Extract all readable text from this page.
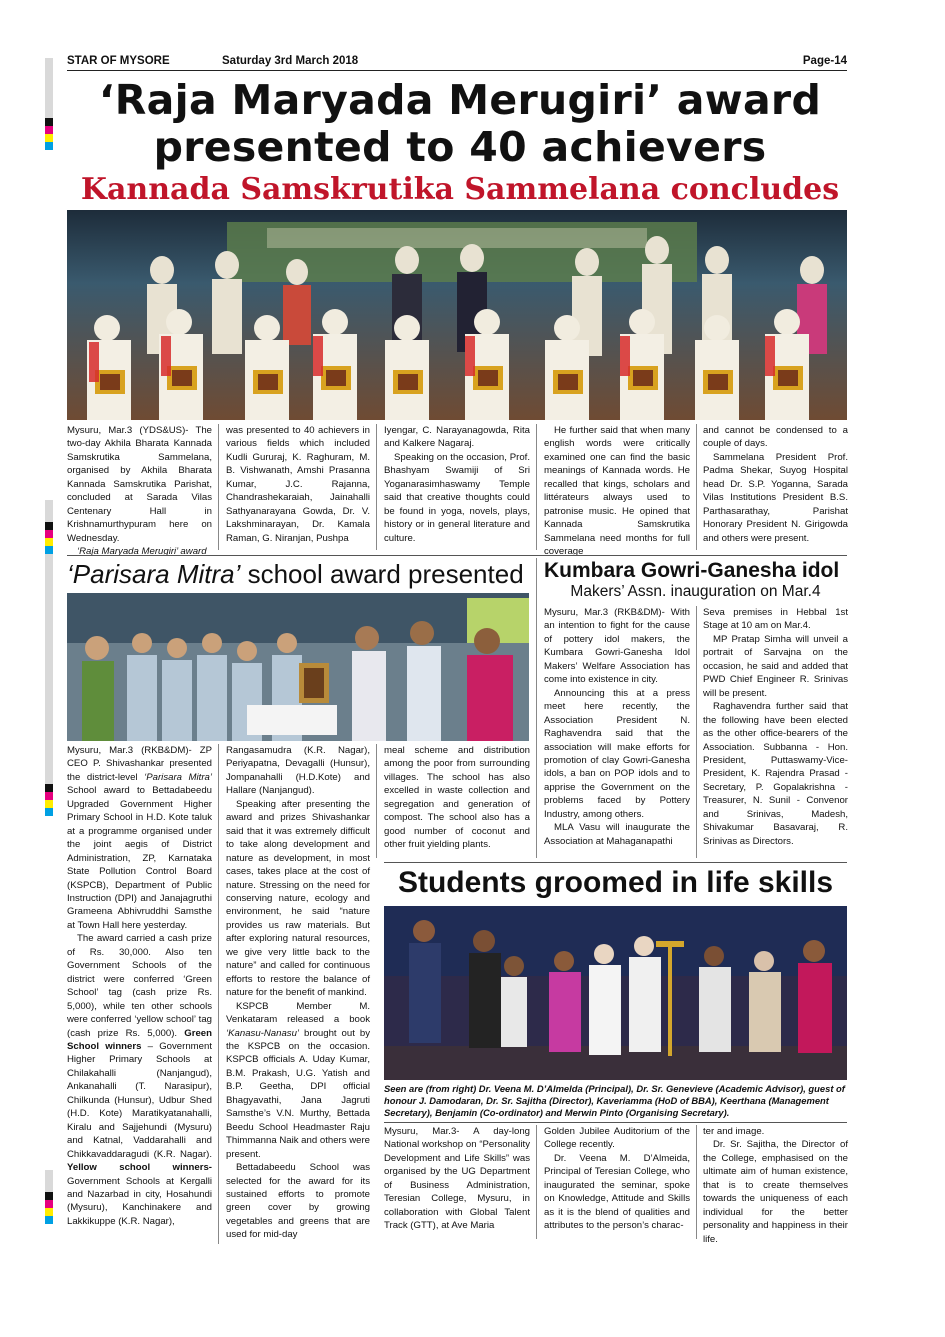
STAR OF MYSORE	Saturday 3rd March 2018	Page-14
‘Raja Maryada Merugiri’ award
presented to 40 achievers
Kannada Samskrutika Sammelana concludes

Mysuru, Mar.3 (YDS&US)- The two-day Akhila Bharata Kannada Samskrutika Sammelana, organised by Akhila Bharata Kannada Samskrutika Parishat, concluded at Sarada Vilas Centenary Hall in Krishnamurthypuram here on Wednesday.

‘Raja Maryada Merugiri’ award

was presented to 40 achievers in various fields which included Kudli Gururaj, K. Raghuram, M. B. Vishwanath, Amshi Prasanna Kumar, J.C. Rajanna, Chandrashekaraiah, Jainahalli Sathyanarayana Gowda, Dr. V. Lakshminarayan, Dr. Kamala Raman, G. Niranjan, Pushpa

Iyengar, C. Narayanagowda, Rita and Kalkere Nagaraj.

Speaking on the occasion, Prof. Bhashyam Swamiji of Sri Yoganarasimhaswamy Temple said that creative thoughts could be found in yoga, novels, plays, history or in general literature and culture.

He further said that when many english words were critically examined one can find the basic meanings of Kannada words. He recalled that kings, scholars and littérateurs always used to patronise music. He opined that Kannada Samskrutika Sammelana need months for full coverage

and cannot be condensed to a couple of days.

Sammelana President Prof. Padma Shekar, Suyog Hospital head Dr. S.P. Yoganna, Sarada Vilas Institutions President B.S. Parthasarathay, Parishat Honorary President N. Girigowda and others were present.

‘Parisara Mitra’ school award presented

Mysuru, Mar.3 (RKB&DM)- ZP CEO P. Shivashankar presented the district-level ‘Parisara Mitra’ School award to Bettadabeedu Upgraded Government Higher Primary School in H.D. Kote taluk at a programme organised under the joint aegis of District Administration, ZP, Karnataka State Pollution Control Board (KSPCB), Department of Public Instruction (DPI) and Janajagruthi Grameena Abhivruddhi Samsthe at Town Hall here yesterday.

The award carried a cash prize of Rs. 30,000. Also ten Government Schools of the district were conferred ‘Green School’ tag (cash prize Rs. 5,000), while ten other schools were conferred ‘yellow school’ tag (cash prize Rs. 5,000). Green School winners – Government Higher Primary Schools at Chilakahalli (Nanjangud), Ankanahalli (T. Narasipur), Chilkunda (Hunsur), Udbur Shed (H.D. Kote) Maratikyatanahalli, Kiralu and Sajjehundi (Mysuru) and Katnal, Vaddarahalli and Chikkavaddaragudi (K.R. Nagar). Yellow school winners-Government Schools at Kergalli and Nazarbad in city, Hosahundi (Mysuru), Kanchinakere and Lakkikuppe (K.R. Nagar),

Rangasamudra (K.R. Nagar), Periyapatna, Devagalli (Hunsur), Jompanahalli (H.D.Kote) and Hallare (Nanjangud).

Speaking after presenting the award and prizes Shivashankar said that it was extremely difficult to take along development and nature as development, in most cases, takes place at the cost of nature. Stressing on the need for conserving nature, ecology and environment, he said “nature provides us raw materials. But after exploring natural resources, we give very little back to the nature” and called for continuous efforts to restore the balance of nature for the benefit of mankind.

KSPCB Member M. Venkataram released a book ‘Kanasu-Nanasu’ brought out by the KSPCB on the occasion. KSPCB officials A. Uday Kumar, B.M. Prakash, U.G. Yatish and B.P. Geetha, DPI official Bhagyavathi, Jana Jagruti Samsthe’s V.N. Murthy, Bettada Beedu School Headmaster Raju Thimmanna Naik and others were present.

Bettadabeedu School was selected for the award for its sustained efforts to promote green cover by growing vegetables and greens that are used for mid-day

meal scheme and distribution among the poor from surrounding villages. The school has also excelled in waste collection and segregation and generation of compost. The school also has a good number of coconut and other fruit yielding plants.

Kumbara Gowri-Ganesha idol
Makers’ Assn. inauguration on Mar.4

Mysuru, Mar.3 (RKB&DM)- With an intention to fight for the cause of pottery idol makers, the Kumbara Gowri-Ganesha Idol Makers’ Welfare Association has come into existence in city.

Announcing this at a press meet here recently, the Association President N. Raghavendra said that the association will make efforts for promotion of clay Gowri-Ganesha idols, a ban on POP idols and to apprise the Government on the problems faced by Pottery Industry, among others.

MLA Vasu will inaugurate the Association at Mahaganapathi

Seva premises in Hebbal 1st Stage at 10 am on Mar.4.

MP Pratap Simha will unveil a portrait of Sarvajna on the occasion, he said and added that PWD Chief Engineer R. Srinivas will be present.

Raghavendra further said that the following have been elected as the other office-bearers of the Association. Subbanna - Hon. President, Puttaswamy-Vice-President, K. Rajendra Prasad - Secretary, P. Gopalakrishna - Treasurer, N. Sunil - Convenor and Srinivas, Madesh, Shivakumar Basavaraj, R. Srinivas as Directors.

Students groomed in life skills
Seen are (from right) Dr. Veena M. D’Almelda (Principal), Dr. Sr. Genevieve (Academic Advisor), guest of honour J. Damodaran, Dr. Sr. Sajitha (Director), Kaveriamma (HoD of BBA), Keerthana (Management Secretary), Benjamin (Co-ordinator) and Merwin Pinto (Organising Secretary).

Mysuru, Mar.3- A day-long National workshop on “Personality Development and Life Skills” was organised by the UG Department of Business Administration, Teresian College, Mysuru, in collaboration with Global Talent Track (GTT), at Ave Maria

Golden Jubilee Auditorium of the College recently.

Dr. Veena M. D’Almeida, Principal of Teresian College, who inaugurated the seminar, spoke on Knowledge, Attitude and Skills as it is the blend of qualities and attributes to the person’s charac-

ter and image.

Dr. Sr. Sajitha, the Director of the College, emphasised on the ultimate aim of human existence, that is to create themselves towards the uniqueness of each individual for the better personality and happiness in their life.
